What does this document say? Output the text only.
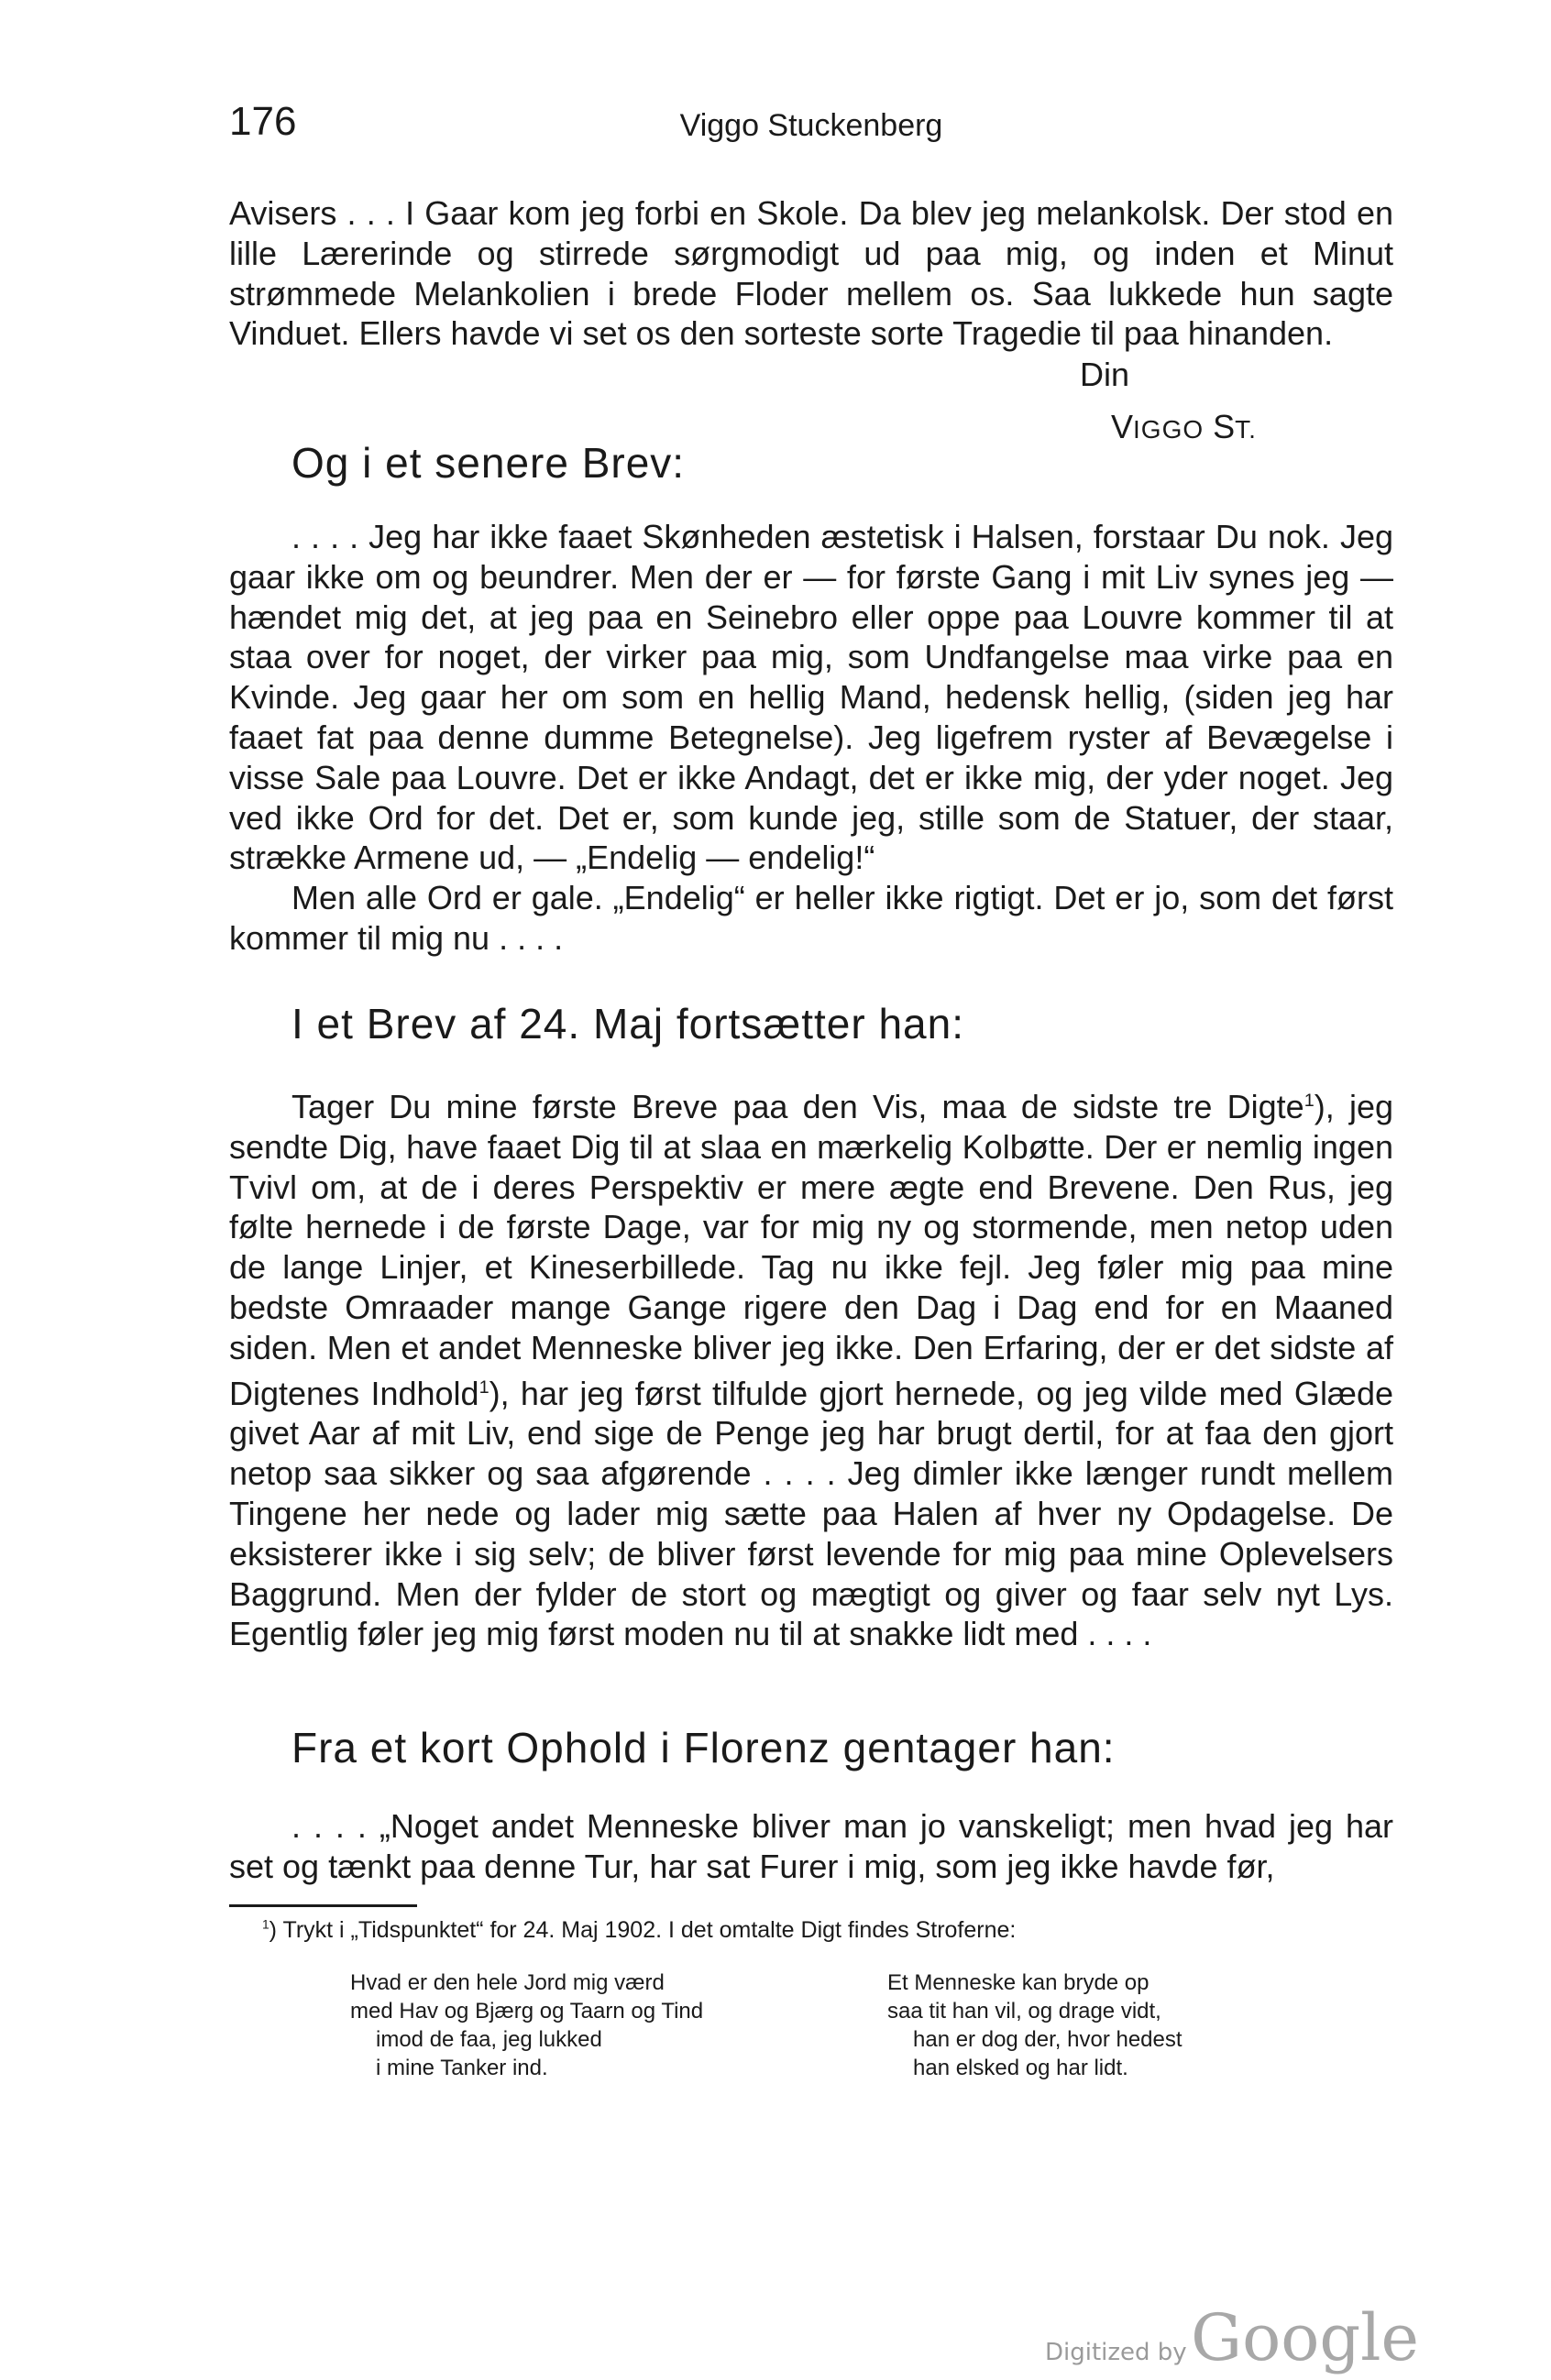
176	Viggo Stuckenberg

Avisers . . . I Gaar kom jeg forbi en Skole. Da blev jeg melankolsk. Der stod en lille Lærerinde og stirrede sørgmodigt ud paa mig, og inden et Minut strømmede Melankolien i brede Floder mellem os. Saa lukkede hun sagte Vinduet. Ellers havde vi set os den sorteste sorte Tragedie til paa hinanden.

Din
VIGGO ST.
Og i et senere Brev:

. . . . Jeg har ikke faaet Skønheden æstetisk i Halsen, forstaar Du nok. Jeg gaar ikke om og beundrer. Men der er — for første Gang i mit Liv synes jeg — hændet mig det, at jeg paa en Seinebro eller oppe paa Louvre kommer til at staa over for noget, der virker paa mig, som Undfangelse maa virke paa en Kvinde. Jeg gaar her om som en hellig Mand, hedensk hellig, (siden jeg har faaet fat paa denne dumme Betegnelse). Jeg ligefrem ryster af Bevægelse i visse Sale paa Louvre. Det er ikke Andagt, det er ikke mig, der yder noget. Jeg ved ikke Ord for det. Det er, som kunde jeg, stille som de Statuer, der staar, strække Armene ud, — „Endelig — endelig!“

Men alle Ord er gale. „Endelig“ er heller ikke rigtigt. Det er jo, som det først kommer til mig nu . . . .

I et Brev af 24. Maj fortsætter han:

Tager Du mine første Breve paa den Vis, maa de sidste tre Digte$^1$), jeg sendte Dig, have faaet Dig til at slaa en mærkelig Kolbøtte. Der er nemlig ingen Tvivl om, at de i deres Perspektiv er mere ægte end Brevene. Den Rus, jeg følte hernede i de første Dage, var for mig ny og stormende, men netop uden de lange Linjer, et Kineserbillede. Tag nu ikke fejl. Jeg føler mig paa mine bedste Omraader mange Gange rigere den Dag i Dag end for en Maaned siden. Men et andet Menneske bliver jeg ikke. Den Erfaring, der er det sidste af Digtenes Indhold$^1$), har jeg først tilfulde gjort hernede, og jeg vilde med Glæde givet Aar af mit Liv, end sige de Penge jeg har brugt dertil, for at faa den gjort netop saa sikker og saa afgørende . . . . Jeg dimler ikke længer rundt mellem Tingene her nede og lader mig sætte paa Halen af hver ny Opdagelse. De eksisterer ikke i sig selv; de bliver først levende for mig paa mine Oplevelsers Baggrund. Men der fylder de stort og mægtigt og giver og faar selv nyt Lys. Egentlig føler jeg mig først moden nu til at snakke lidt med . . . .

Fra et kort Ophold i Florenz gentager han:

. . . . „Noget andet Menneske bliver man jo vanskeligt; men hvad jeg har set og tænkt paa denne Tur, har sat Furer i mig, som jeg ikke havde før,

$^1$) Trykt i „Tidspunktet“ for 24. Maj 1902. I det omtalte Digt findes Stroferne:
Hvad er den hele Jord mig værd
med Hav og Bjærg og Taarn og Tind
imod de faa, jeg lukked
i mine Tanker ind.
Et Menneske kan bryde op
saa tit han vil, og drage vidt,
han er dog der, hvor hedest
han elsked og har lidt.
Digitized by Google
